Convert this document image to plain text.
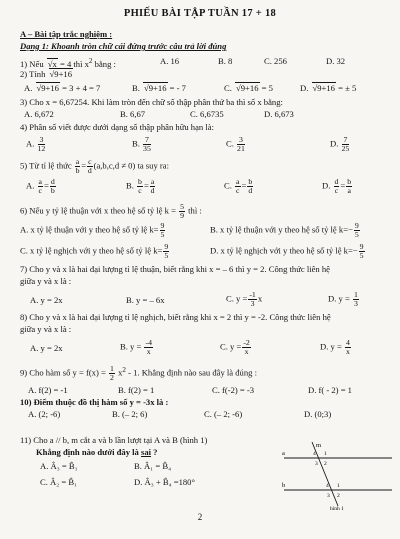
PHIẾU BÀI TẬP TUẦN 17 + 18
A – Bài tập trắc nghiệm :
Dạng 1: Khoanh tròn chữ cái đứng trước câu trả lời đúng
1) Nếu √ x = 4 thì $x^2$ bằng :	A. 16	B. 8	C. 256	D. 32
2) Tính √ 9+16
A. √ 9+16 = 3 + 4 = 7	B. √ 9+16 = - 7	C. √ 9+16 = 5	D. √ 9+16 = ± 5
3) Cho x = 6,67254. Khi làm tròn đến chữ số thập phân thứ ba thì số x bằng:
A. 6,672	B. 6,67	C. 6,6735	D. 6,673
4) Phân số viết được dưới dạng số thập phân hữu hạn là:
A. $\frac{3}{12}$	B. $\frac{7}{35}$	C. $\frac{3}{21}$	D. $\frac{7}{25}$
5) Từ tỉ lệ thức $\frac{a}{b} = \frac{c}{d} (a,b,c,d \ne 0)$ ta suy ra:
A. $\frac{a}{c} = \frac{d}{b}$	B. $\frac{b}{c} = \frac{a}{d}$	C. $\frac{a}{c} = \frac{b}{d}$	D. $\frac{d}{c} = \frac{b}{a}$
6) Nếu y tỷ lệ thuận với x theo hệ số tỷ lệ $k = \frac{5}{9}$ thì :
A. x tỷ lệ thuận với y theo hệ số tỷ lệ $k= \frac{9}{5}$	B. x tỷ lệ thuận với y theo hệ số tỷ lệ $k=- \frac{9}{5}$
C. x tỷ lệ nghịch với y theo hệ số tỷ lệ $k= \frac{9}{5}$	D. x tỷ lệ nghịch với y theo hệ số tỷ lệ $k=- \frac{9}{5}$
7) Cho y và x là hai đại lượng tỉ lệ thuận, biết rằng khi x = – 6 thì y = 2. Công thức liên hệ
giữa y và x là :
A. y = 2x	B. y = – 6x	C. $y = \frac{-1}{3}$ x	D. $y = \frac{1}{3}$
8) Cho y và x là hai đại lượng tỉ lệ nghịch, biết rằng khi x = 2 thì y = -2. Công thức liên hệ
giữa y và x là :
A. y = 2x	B. $y = \frac{-4}{x}$	C. $y = \frac{-2}{x}$	D. $y = \frac{4}{x}$
9) Cho hàm số $y = f(x) = \frac{1}{2} x^2 - 1$. Khẳng định nào sau đây là đúng :
A. f(2) = -1	B. f(2) = 1	C. f(-2) = -3	D. f( - 2) = 1
10) Điểm thuộc đồ thị hàm số y = -3x là :
A. (2; -6)	B. (– 2; 6)	C. (– 2; -6)	D. (0;3)
11) Cho a // b, m cắt a và b lần lượt tại A và B (hình 1)
Khẳng định nào dưới đây là sai ?
A. Â₃ = B̂₁	B. Â₁ = B̂₄
C. Â₂ = B̂₁	D. Â₃ + B̂₄ =180°
a
b
m
1
2
3
4
1
2
3
4
hình 1
2
